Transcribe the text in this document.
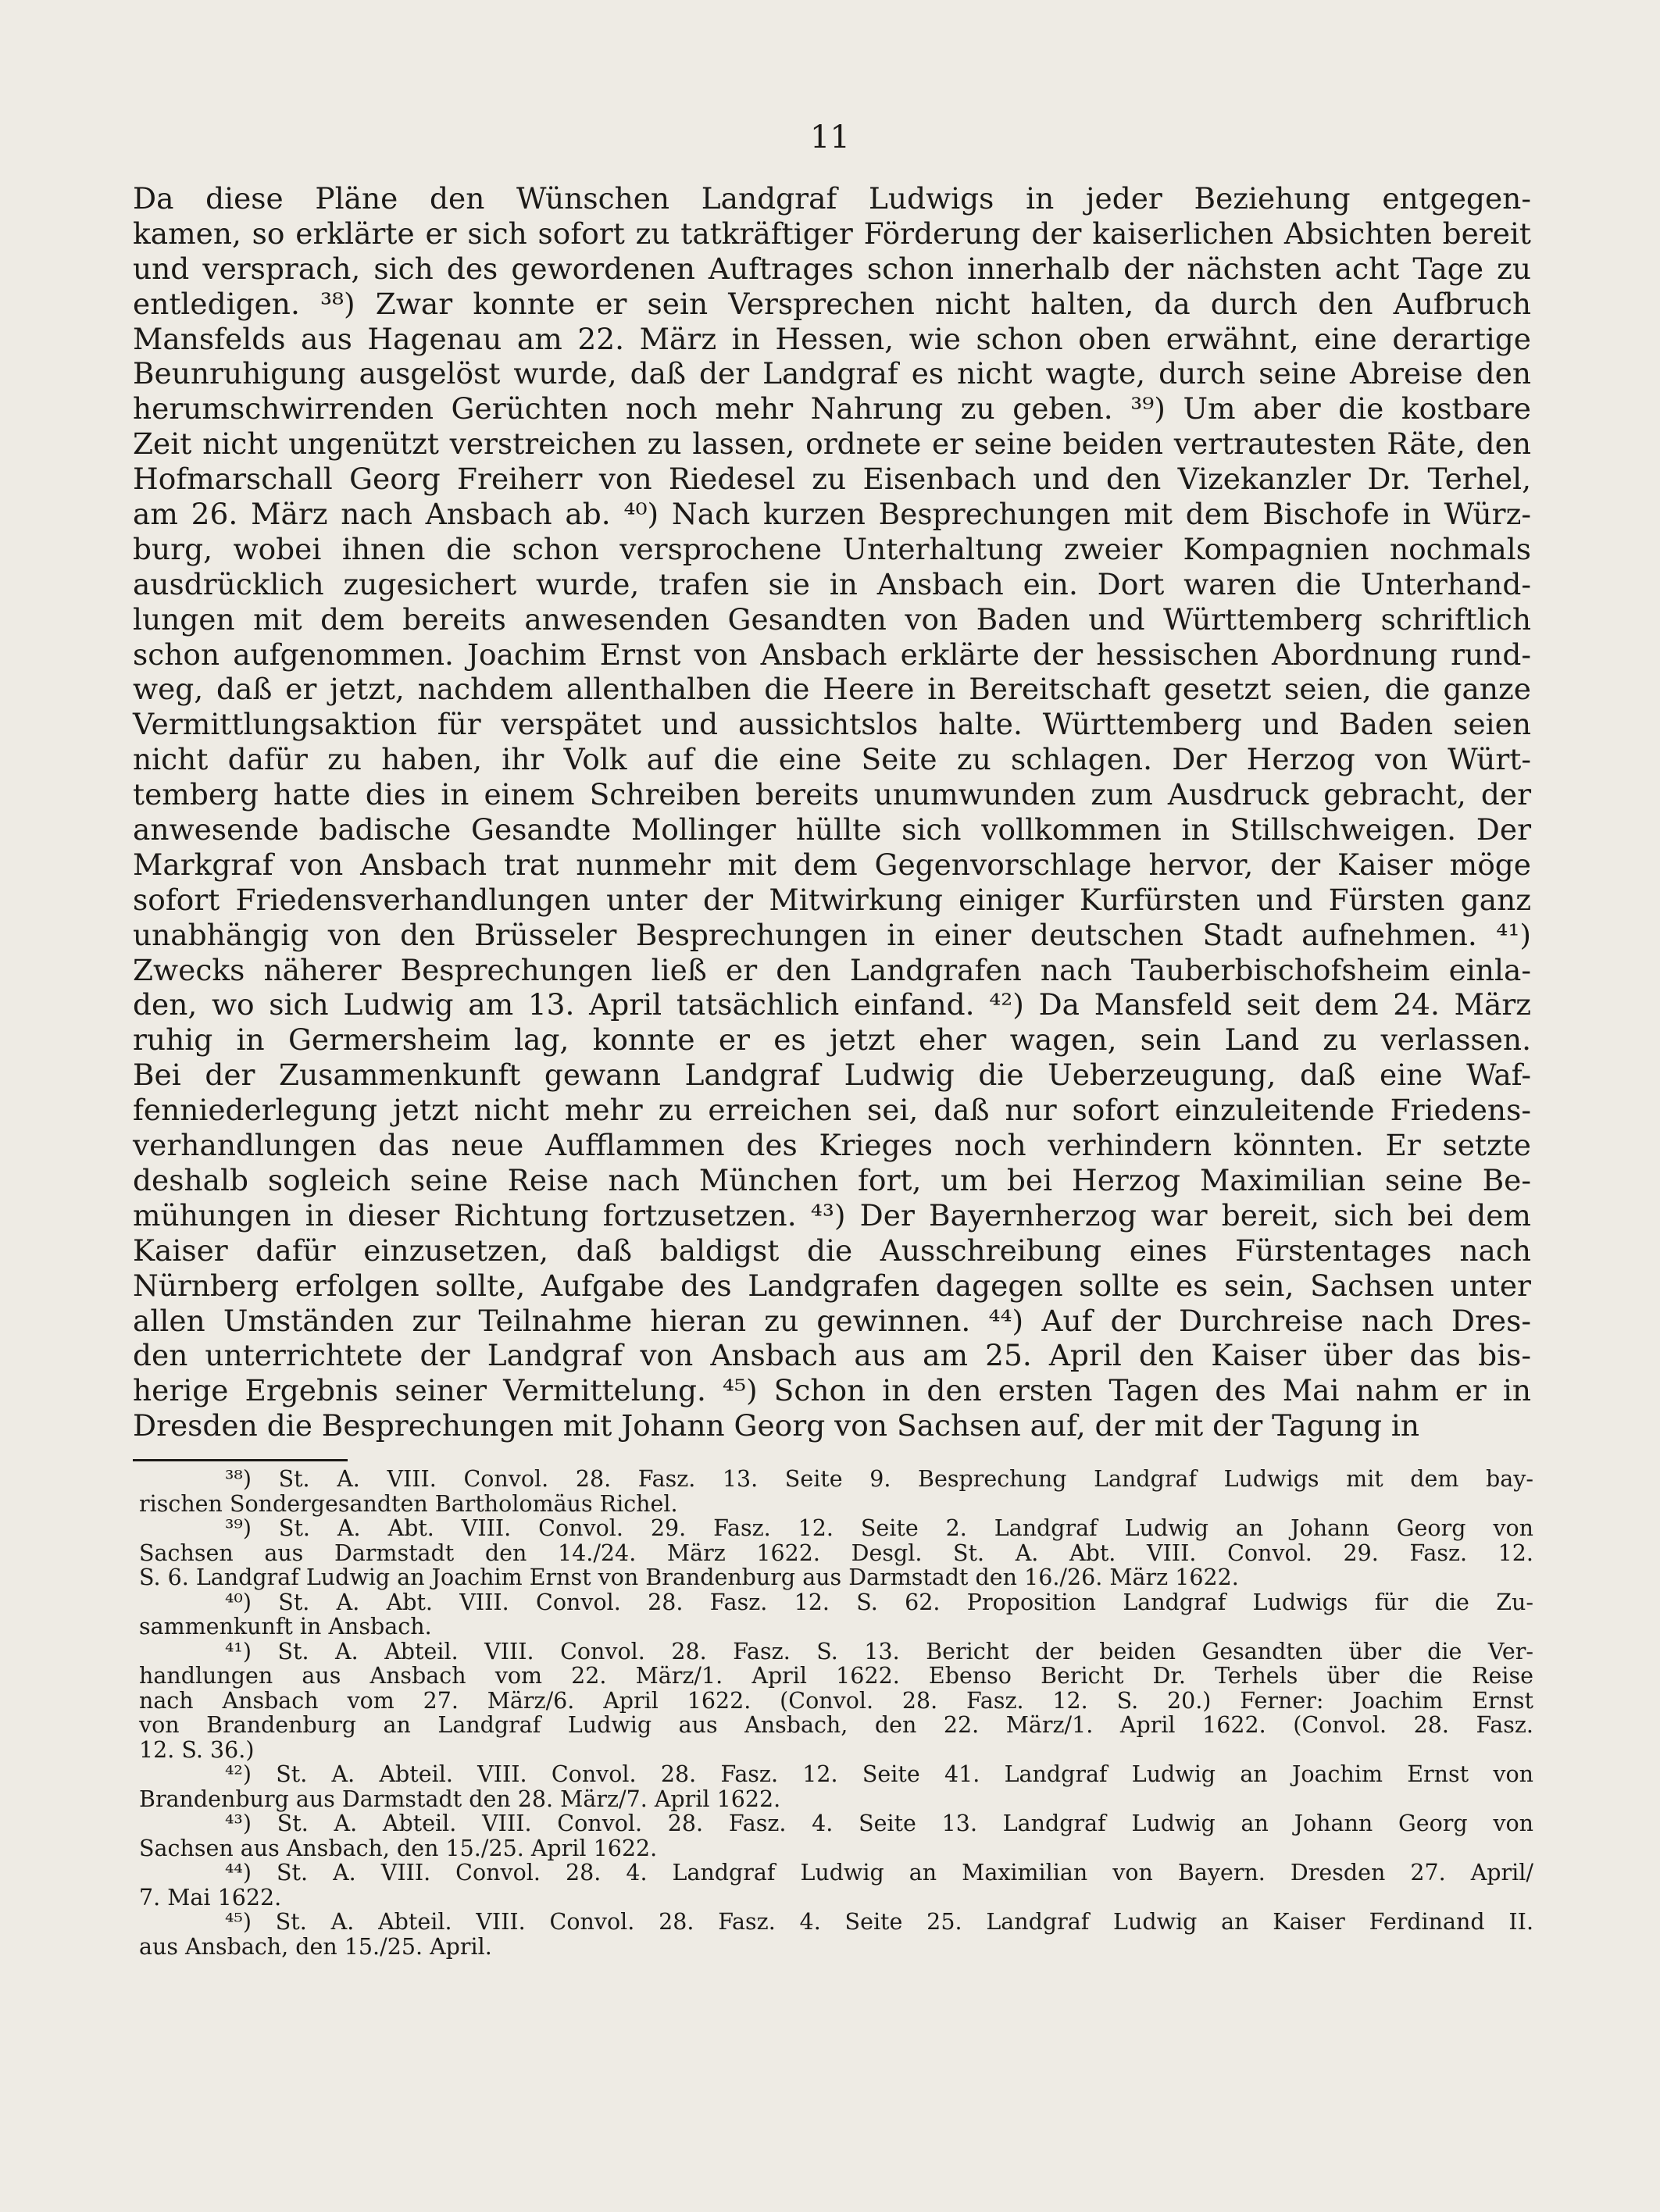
11
Da diese Pläne den Wünschen Landgraf Ludwigs in jeder Beziehung entgegen-
kamen, so erklärte er sich sofort zu tatkräftiger Förderung der kaiserlichen Absichten bereit
und versprach, sich des gewordenen Auftrages schon innerhalb der nächsten acht Tage zu
entledigen. ³⁸) Zwar konnte er sein Versprechen nicht halten, da durch den Aufbruch
Mansfelds aus Hagenau am 22. März in Hessen, wie schon oben erwähnt, eine derartige
Beunruhigung ausgelöst wurde, daß der Landgraf es nicht wagte, durch seine Abreise den
herumschwirrenden Gerüchten noch mehr Nahrung zu geben. ³⁹) Um aber die kostbare
Zeit nicht ungenützt verstreichen zu lassen, ordnete er seine beiden vertrautesten Räte, den
Hofmarschall Georg Freiherr von Riedesel zu Eisenbach und den Vizekanzler Dr. Terhel,
am 26. März nach Ansbach ab. ⁴⁰) Nach kurzen Besprechungen mit dem Bischofe in Würz-
burg, wobei ihnen die schon versprochene Unterhaltung zweier Kompagnien nochmals
ausdrücklich zugesichert wurde, trafen sie in Ansbach ein. Dort waren die Unterhand-
lungen mit dem bereits anwesenden Gesandten von Baden und Württemberg schriftlich
schon aufgenommen. Joachim Ernst von Ansbach erklärte der hessischen Abordnung rund-
weg, daß er jetzt, nachdem allenthalben die Heere in Bereitschaft gesetzt seien, die ganze
Vermittlungsaktion für verspätet und aussichtslos halte. Württemberg und Baden seien
nicht dafür zu haben, ihr Volk auf die eine Seite zu schlagen. Der Herzog von Würt-
temberg hatte dies in einem Schreiben bereits unumwunden zum Ausdruck gebracht, der
anwesende badische Gesandte Mollinger hüllte sich vollkommen in Stillschweigen. Der
Markgraf von Ansbach trat nunmehr mit dem Gegenvorschlage hervor, der Kaiser möge
sofort Friedensverhandlungen unter der Mitwirkung einiger Kurfürsten und Fürsten ganz
unabhängig von den Brüsseler Besprechungen in einer deutschen Stadt aufnehmen. ⁴¹)
Zwecks näherer Besprechungen ließ er den Landgrafen nach Tauberbischofsheim einla-
den, wo sich Ludwig am 13. April tatsächlich einfand. ⁴²) Da Mansfeld seit dem 24. März
ruhig in Germersheim lag, konnte er es jetzt eher wagen, sein Land zu verlassen.
Bei der Zusammenkunft gewann Landgraf Ludwig die Ueberzeugung, daß eine Waf-
fenniederlegung jetzt nicht mehr zu erreichen sei, daß nur sofort einzuleitende Friedens-
verhandlungen das neue Aufflammen des Krieges noch verhindern könnten. Er setzte
deshalb sogleich seine Reise nach München fort, um bei Herzog Maximilian seine Be-
mühungen in dieser Richtung fortzusetzen. ⁴³) Der Bayernherzog war bereit, sich bei dem
Kaiser dafür einzusetzen, daß baldigst die Ausschreibung eines Fürstentages nach
Nürnberg erfolgen sollte, Aufgabe des Landgrafen dagegen sollte es sein, Sachsen unter
allen Umständen zur Teilnahme hieran zu gewinnen. ⁴⁴) Auf der Durchreise nach Dres-
den unterrichtete der Landgraf von Ansbach aus am 25. April den Kaiser über das bis-
herige Ergebnis seiner Vermittelung. ⁴⁵) Schon in den ersten Tagen des Mai nahm er in
Dresden die Besprechungen mit Johann Georg von Sachsen auf, der mit der Tagung in
³⁸) St. A. VIII. Convol. 28. Fasz. 13. Seite 9. Besprechung Landgraf Ludwigs mit dem bay-
rischen Sondergesandten Bartholomäus Richel.
³⁹) St. A. Abt. VIII. Convol. 29. Fasz. 12. Seite 2. Landgraf Ludwig an Johann Georg von
Sachsen aus Darmstadt den 14./24. März 1622. Desgl. St. A. Abt. VIII. Convol. 29. Fasz. 12.
S. 6. Landgraf Ludwig an Joachim Ernst von Brandenburg aus Darmstadt den 16./26. März 1622.
⁴⁰) St. A. Abt. VIII. Convol. 28. Fasz. 12. S. 62. Proposition Landgraf Ludwigs für die Zu-
sammenkunft in Ansbach.
⁴¹) St. A. Abteil. VIII. Convol. 28. Fasz. S. 13. Bericht der beiden Gesandten über die Ver-
handlungen aus Ansbach vom 22. März/1. April 1622. Ebenso Bericht Dr. Terhels über die Reise
nach Ansbach vom 27. März/6. April 1622. (Convol. 28. Fasz. 12. S. 20.) Ferner: Joachim Ernst
von Brandenburg an Landgraf Ludwig aus Ansbach, den 22. März/1. April 1622. (Convol. 28. Fasz.
12. S. 36.)
⁴²) St. A. Abteil. VIII. Convol. 28. Fasz. 12. Seite 41. Landgraf Ludwig an Joachim Ernst von
Brandenburg aus Darmstadt den 28. März/7. April 1622.
⁴³) St. A. Abteil. VIII. Convol. 28. Fasz. 4. Seite 13. Landgraf Ludwig an Johann Georg von
Sachsen aus Ansbach, den 15./25. April 1622.
⁴⁴) St. A. VIII. Convol. 28. 4. Landgraf Ludwig an Maximilian von Bayern. Dresden 27. April/
7. Mai 1622.
⁴⁵) St. A. Abteil. VIII. Convol. 28. Fasz. 4. Seite 25. Landgraf Ludwig an Kaiser Ferdinand II.
aus Ansbach, den 15./25. April.
